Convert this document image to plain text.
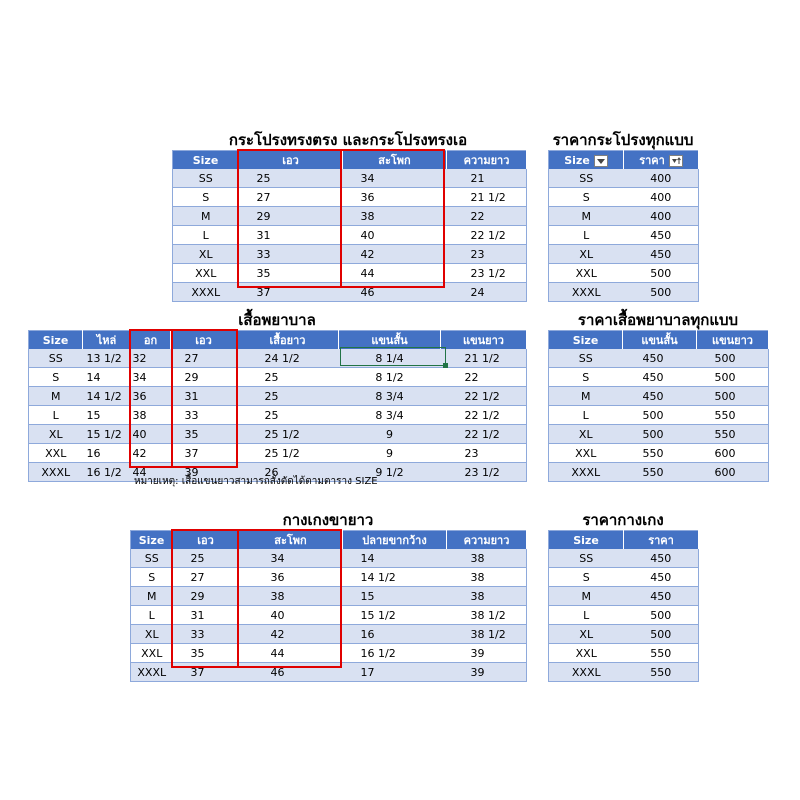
กระโปรงทรงตรง และกระโปรงทรงเอ
Size	เอว	สะโพก	ความยาว
SS	25	34	21
S	27	36	21 1/2
M	29	38	22
L	31	40	22 1/2
XL	33	42	23
XXL	35	44	23 1/2
XXXL	37	46	24
ราคากระโปรงทุกแบบ
Size	ราคา

SS	400
S	400
M	400
L	450
XL	450
XXL	500
XXXL	500
เสื้อพยาบาล
Size	ไหล่	อก	เอว	เสื้อยาว	แขนสั้น	แขนยาว
SS	13 1/2	32	27	24 1/2	8 1/4	21 1/2
S	14	34	29	25	8 1/2	22
M	14 1/2	36	31	25	8 3/4	22 1/2
L	15	38	33	25	8 3/4	22 1/2
XL	15 1/2	40	35	25 1/2	9	22 1/2
XXL	16	42	37	25 1/2	9	23
XXXL	16 1/2	44	39	26	9 1/2	23 1/2
หมายเหตุ: เสื้อแขนยาวสามารถสั่งตัดได้ตามตาราง SIZE
ราคาเสื้อพยาบาลทุกแบบ
Size	แขนสั้น	แขนยาว
SS	450	500
S	450	500
M	450	500
L	500	550
XL	500	550
XXL	550	600
XXXL	550	600
กางเกงขายาว
Size	เอว	สะโพก	ปลายขากว้าง	ความยาว
SS	25	34	14	38
S	27	36	14 1/2	38
M	29	38	15	38
L	31	40	15 1/2	38 1/2
XL	33	42	16	38 1/2
XXL	35	44	16 1/2	39
XXXL	37	46	17	39
ราคากางเกง
Size	ราคา
SS	450
S	450
M	450
L	500
XL	500
XXL	550
XXXL	550
